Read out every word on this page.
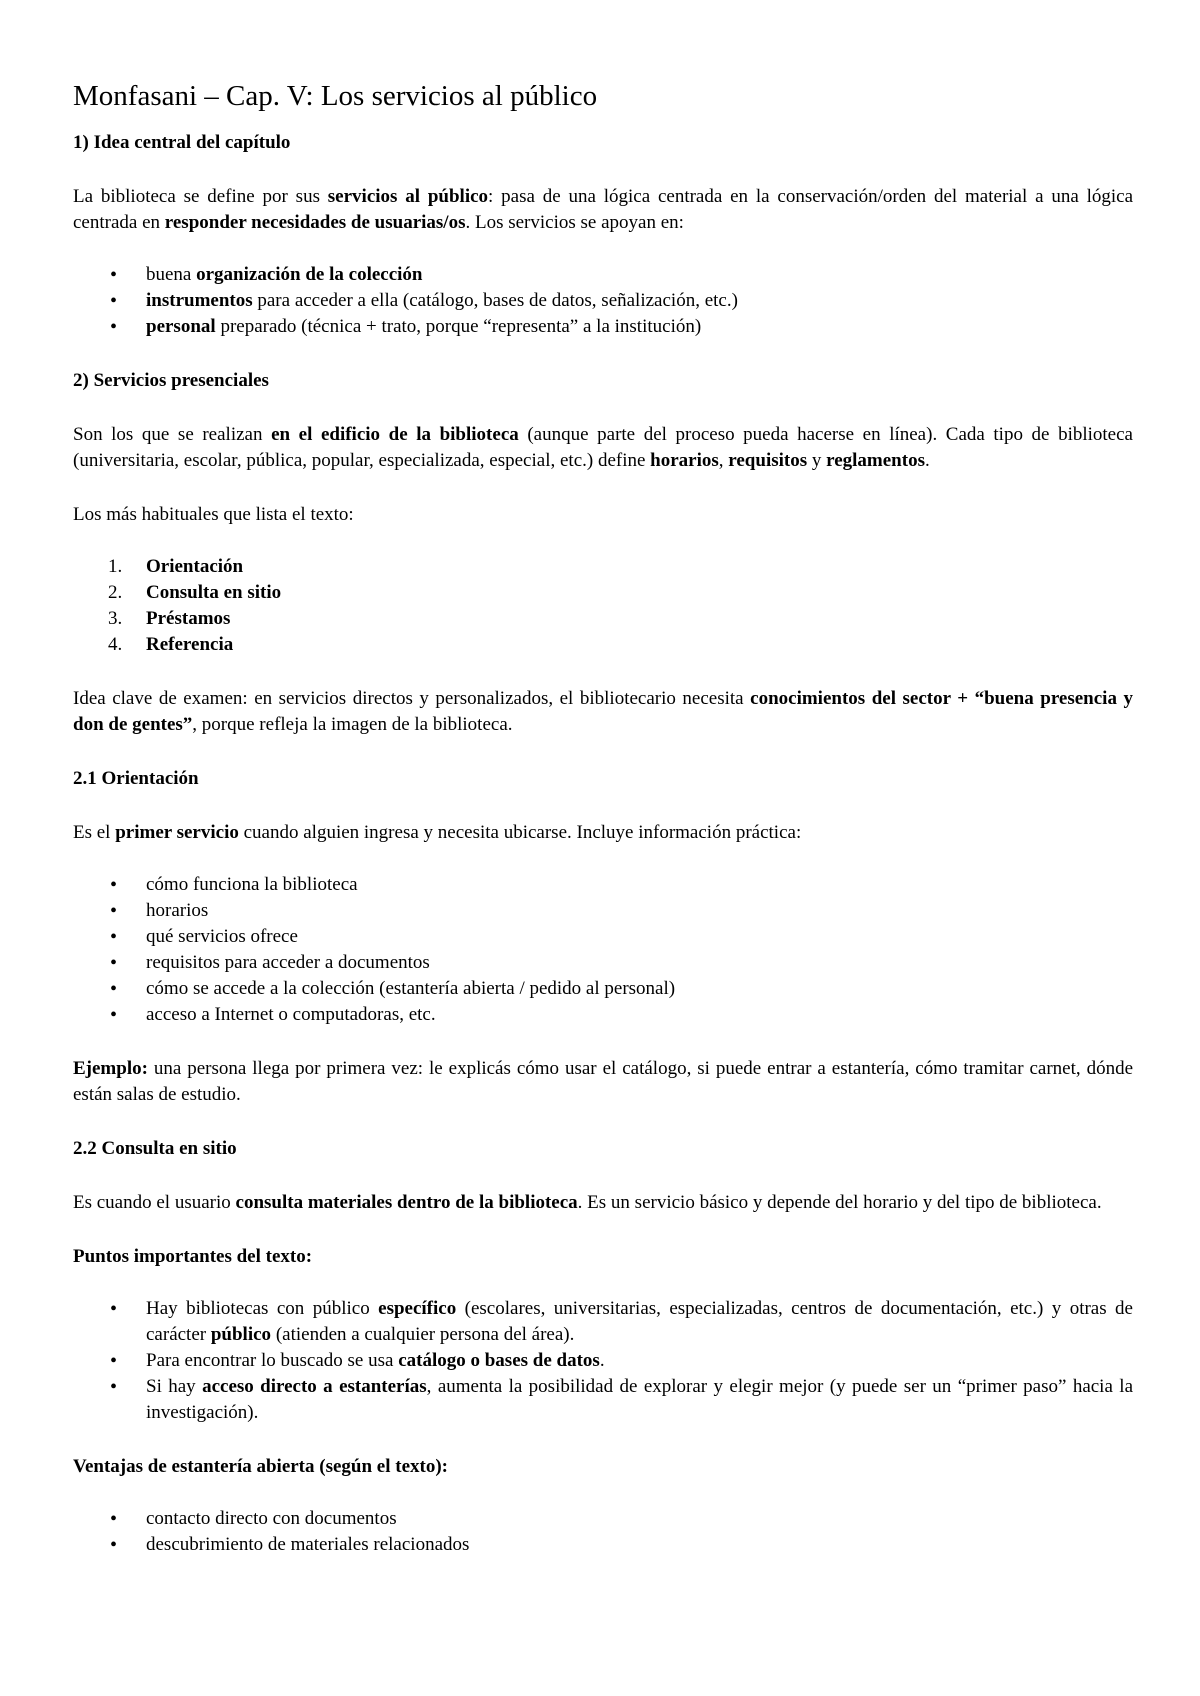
Monfasani – Cap. V: Los servicios al público
1) Idea central del capítulo

La biblioteca se define por sus servicios al público: pasa de una lógica centrada en la conservación/orden del material a una lógica centrada en responder necesidades de usuarias/os. Los servicios se apoyan en:

• buena organización de la colección
• instrumentos para acceder a ella (catálogo, bases de datos, señalización, etc.)
• personal preparado (técnica + trato, porque “representa” a la institución)
2) Servicios presenciales

Son los que se realizan en el edificio de la biblioteca (aunque parte del proceso pueda hacerse en línea). Cada tipo de biblioteca (universitaria, escolar, pública, popular, especializada, especial, etc.) define horarios, requisitos y reglamentos.

Los más habituales que lista el texto:

1. Orientación
2. Consulta en sitio
3. Préstamos
4. Referencia

Idea clave de examen: en servicios directos y personalizados, el bibliotecario necesita conocimientos del sector + “buena presencia y don de gentes”, porque refleja la imagen de la biblioteca.

2.1 Orientación

Es el primer servicio cuando alguien ingresa y necesita ubicarse. Incluye información práctica:

• cómo funciona la biblioteca
• horarios
• qué servicios ofrece
• requisitos para acceder a documentos
• cómo se accede a la colección (estantería abierta / pedido al personal)
• acceso a Internet o computadoras, etc.

Ejemplo: una persona llega por primera vez: le explicás cómo usar el catálogo, si puede entrar a estantería, cómo tramitar carnet, dónde están salas de estudio.

2.2 Consulta en sitio

Es cuando el usuario consulta materiales dentro de la biblioteca. Es un servicio básico y depende del horario y del tipo de biblioteca.

Puntos importantes del texto:

• Hay bibliotecas con público específico (escolares, universitarias, especializadas, centros de documentación, etc.) y otras de carácter público (atienden a cualquier persona del área).
• Para encontrar lo buscado se usa catálogo o bases de datos.
• Si hay acceso directo a estanterías, aumenta la posibilidad de explorar y elegir mejor (y puede ser un “primer paso” hacia la investigación).

Ventajas de estantería abierta (según el texto):

• contacto directo con documentos
• descubrimiento de materiales relacionados
